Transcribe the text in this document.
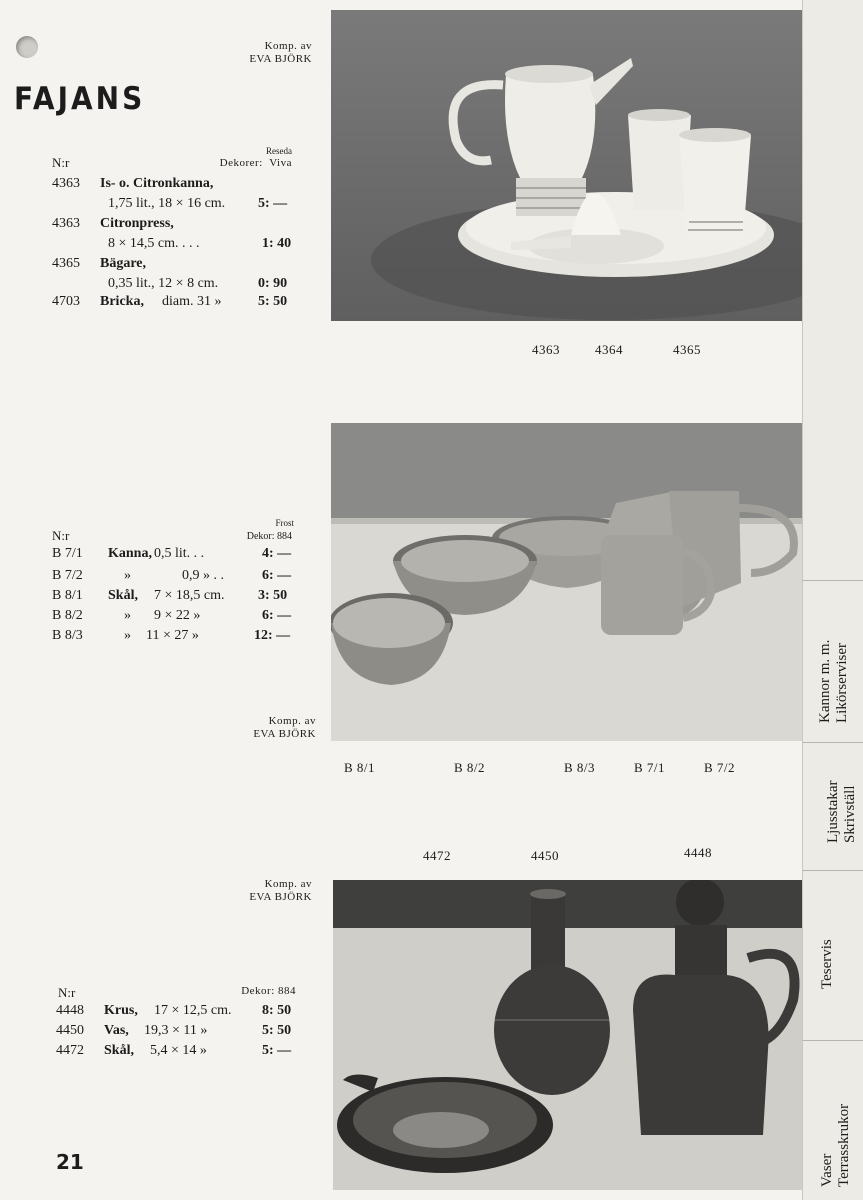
FAJANS
Komp. av
EVA BJÖRK
Reseda
N:r	Dekorer: Viva
4363 Is- o. Citronkanna,
1,75 lit., 18 × 16 cm. 5: —
4363 Citronpress,
8 × 14,5 cm. . . .	1: 40
4365 Bägare,
0,35 lit., 12 × 8 cm.	0: 90
4703 Bricka, diam. 31 »	5: 50
4363	4364	4365
Frost
N:r	Dekor: 884
B 7/1 Kanna, 0,5 lit. . .	4: —
B 7/2	»	0,9 » . .	6: —
B 8/1 Skål, 7 × 18,5 cm. 3: 50
B 8/2	» 9 × 22 »	6: —
B 8/3	» 11 × 27 »	12: —
Komp. av
EVA BJÖRK
B 8/1	B 8/2	B 8/3	B 7/1	B 7/2
4472	4450	4448
Komp. av
EVA BJÖRK
N:r	Dekor: 884
4448 Krus, 17 × 12,5 cm. 8: 50
4450 Vas, 19,3 × 11 »	5: 50
4472 Skål, 5,4 × 14 »	5: —
21
Kannor m. m. Likörserviser
Ljusstakar Skrivställ
Teservis
Vaser Terrasskrukor
